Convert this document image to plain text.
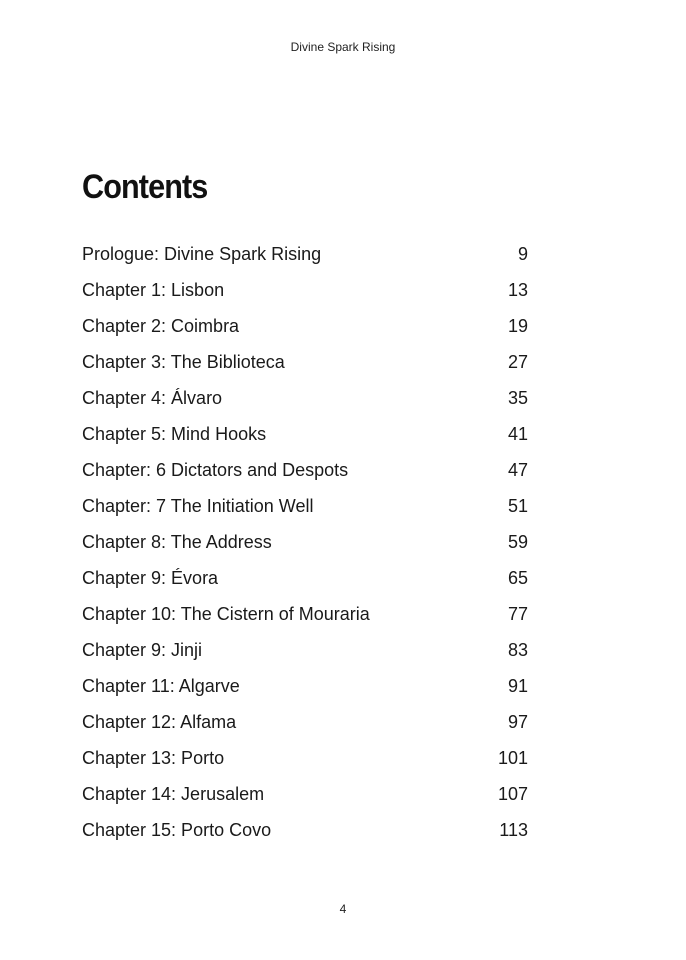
Divine Spark Rising
Contents
Prologue: Divine Spark Rising	9
Chapter 1: Lisbon	13
Chapter 2: Coimbra	19
Chapter 3: The Biblioteca	27
Chapter 4: Álvaro	35
Chapter 5: Mind Hooks	41
Chapter: 6 Dictators and Despots	47
Chapter: 7 The Initiation Well	51
Chapter 8: The Address	59
Chapter 9: Évora	65
Chapter 10: The Cistern of Mouraria	77
Chapter 9: Jinji	83
Chapter 11: Algarve	91
Chapter 12: Alfama	97
Chapter 13: Porto	101
Chapter 14: Jerusalem	107
Chapter 15: Porto Covo	113
4
